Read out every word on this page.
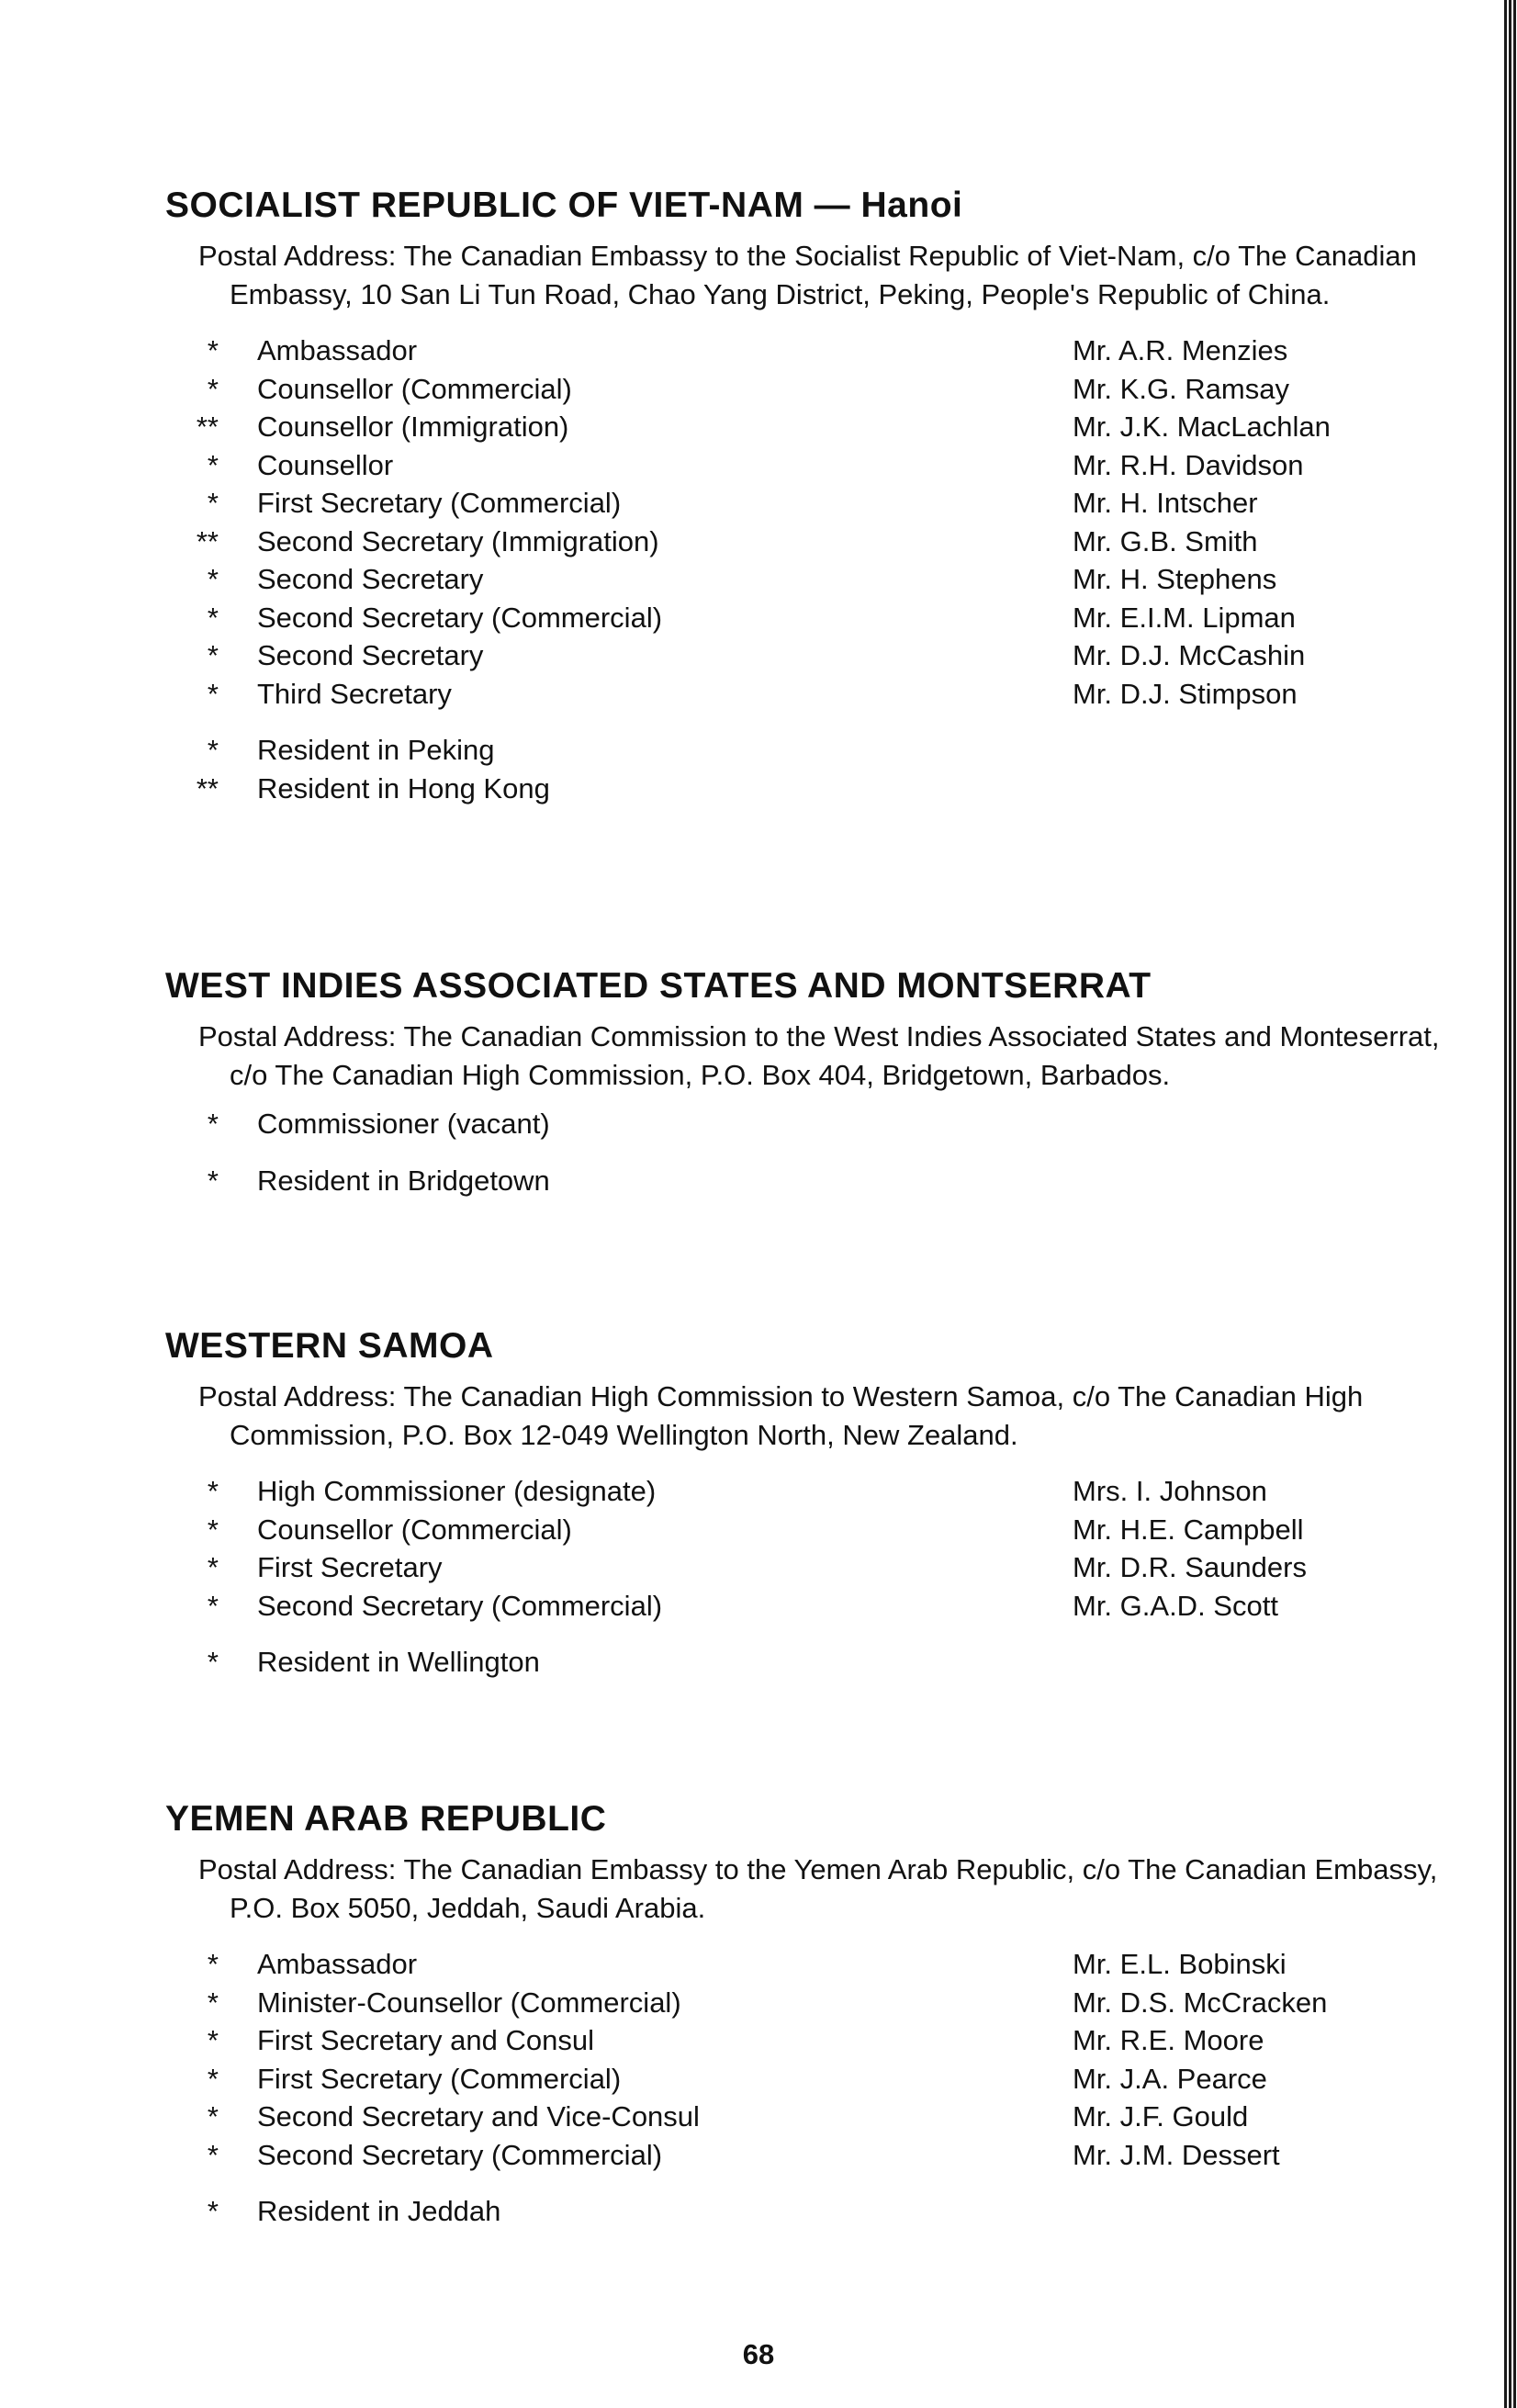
SOCIALIST REPUBLIC OF VIET-NAM — Hanoi

Postal Address: The Canadian Embassy to the Socialist Republic of Viet-Nam, c/o The Canadian Embassy, 10 San Li Tun Road, Chao Yang District, Peking, People's Republic of China.

* Ambassador	Mr. A.R. Menzies
* Counsellor (Commercial)	Mr. K.G. Ramsay
** Counsellor (Immigration)	Mr. J.K. MacLachlan
* Counsellor	Mr. R.H. Davidson
* First Secretary (Commercial)	Mr. H. Intscher
** Second Secretary (Immigration)	Mr. G.B. Smith
* Second Secretary	Mr. H. Stephens
* Second Secretary (Commercial)	Mr. E.I.M. Lipman
* Second Secretary	Mr. D.J. McCashin
* Third Secretary	Mr. D.J. Stimpson
* Resident in Peking
** Resident in Hong Kong
WEST INDIES ASSOCIATED STATES AND MONTSERRAT

Postal Address: The Canadian Commission to the West Indies Associated States and Monteserrat, c/o The Canadian High Commission, P.O. Box 404, Bridgetown, Barbados.

* Commissioner (vacant)
* Resident in Bridgetown
WESTERN SAMOA

Postal Address: The Canadian High Commission to Western Samoa, c/o The Canadian High Commission, P.O. Box 12-049 Wellington North, New Zealand.

* High Commissioner (designate)	Mrs. I. Johnson
* Counsellor (Commercial)	Mr. H.E. Campbell
* First Secretary	Mr. D.R. Saunders
* Second Secretary (Commercial)	Mr. G.A.D. Scott
* Resident in Wellington
YEMEN ARAB REPUBLIC

Postal Address: The Canadian Embassy to the Yemen Arab Republic, c/o The Canadian Embassy, P.O. Box 5050, Jeddah, Saudi Arabia.

* Ambassador	Mr. E.L. Bobinski
* Minister-Counsellor (Commercial)	Mr. D.S. McCracken
* First Secretary and Consul	Mr. R.E. Moore
* First Secretary (Commercial)	Mr. J.A. Pearce
* Second Secretary and Vice-Consul	Mr. J.F. Gould
* Second Secretary (Commercial)	Mr. J.M. Dessert
* Resident in Jeddah
68
